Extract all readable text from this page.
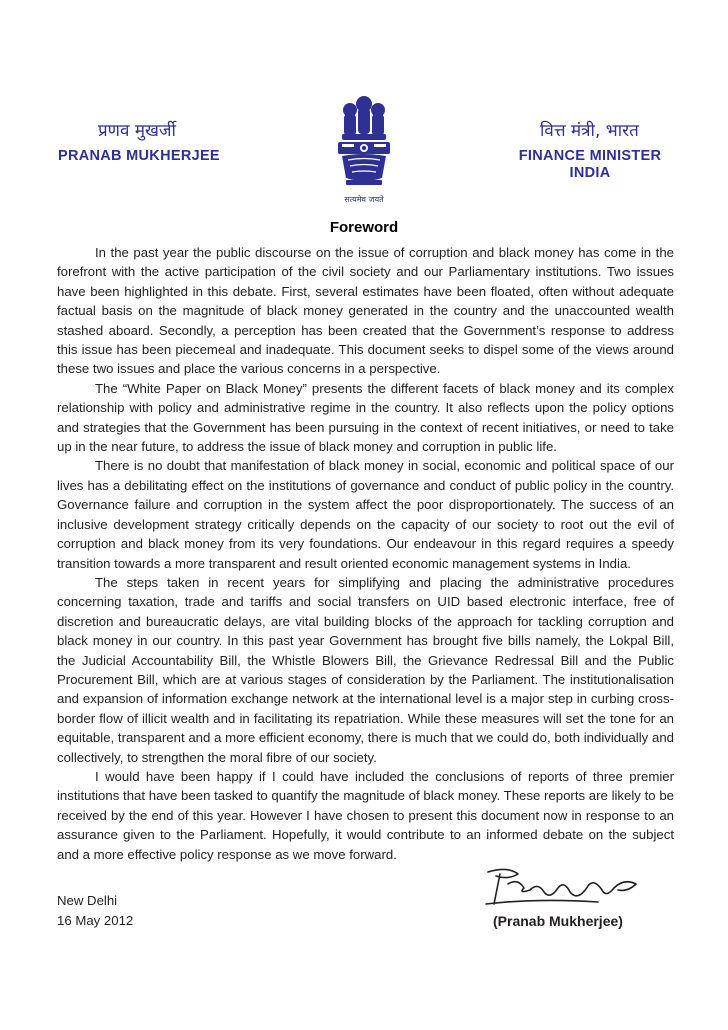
प्रणव मुखर्जी
PRANAB MUKHERJEE
सत्यमेव जयते
वित्त मंत्री, भारत
FINANCE MINISTER
INDIA
Foreword

In the past year the public discourse on the issue of corruption and black money has come in the forefront with the active participation of the civil society and our Parliamentary institutions. Two issues have been highlighted in this debate. First, several estimates have been floated, often without adequate factual basis on the magnitude of black money generated in the country and the unaccounted wealth stashed aboard. Secondly, a perception has been created that the Government’s response to address this issue has been piecemeal and inadequate. This document seeks to dispel some of the views around these two issues and place the various concerns in a perspective.

The “White Paper on Black Money” presents the different facets of black money and its complex relationship with policy and administrative regime in the country. It also reflects upon the policy options and strategies that the Government has been pursuing in the context of recent initiatives, or need to take up in the near future, to address the issue of black money and corruption in public life.

There is no doubt that manifestation of black money in social, economic and political space of our lives has a debilitating effect on the institutions of governance and conduct of public policy in the country. Governance failure and corruption in the system affect the poor disproportionately. The success of an inclusive development strategy critically depends on the capacity of our society to root out the evil of corruption and black money from its very foundations. Our endeavour in this regard requires a speedy transition towards a more transparent and result oriented economic management systems in India.

The steps taken in recent years for simplifying and placing the administrative procedures concerning taxation, trade and tariffs and social transfers on UID based electronic interface, free of discretion and bureaucratic delays, are vital building blocks of the approach for tackling corruption and black money in our country. In this past year Government has brought five bills namely, the Lokpal Bill, the Judicial Accountability Bill, the Whistle Blowers Bill, the Grievance Redressal Bill and the Public Procurement Bill, which are at various stages of consideration by the Parliament. The institutionalisation and expansion of information exchange network at the international level is a major step in curbing cross-border flow of illicit wealth and in facilitating its repatriation. While these measures will set the tone for an equitable, transparent and a more efficient economy, there is much that we could do, both individually and collectively, to strengthen the moral fibre of our society.

I would have been happy if I could have included the conclusions of reports of three premier institutions that have been tasked to quantify the magnitude of black money. These reports are likely to be received by the end of this year. However I have chosen to present this document now in response to an assurance given to the Parliament. Hopefully, it would contribute to an informed debate on the subject and a more effective policy response as we move forward.

New Delhi
16 May 2012	(Pranab Mukherjee)
